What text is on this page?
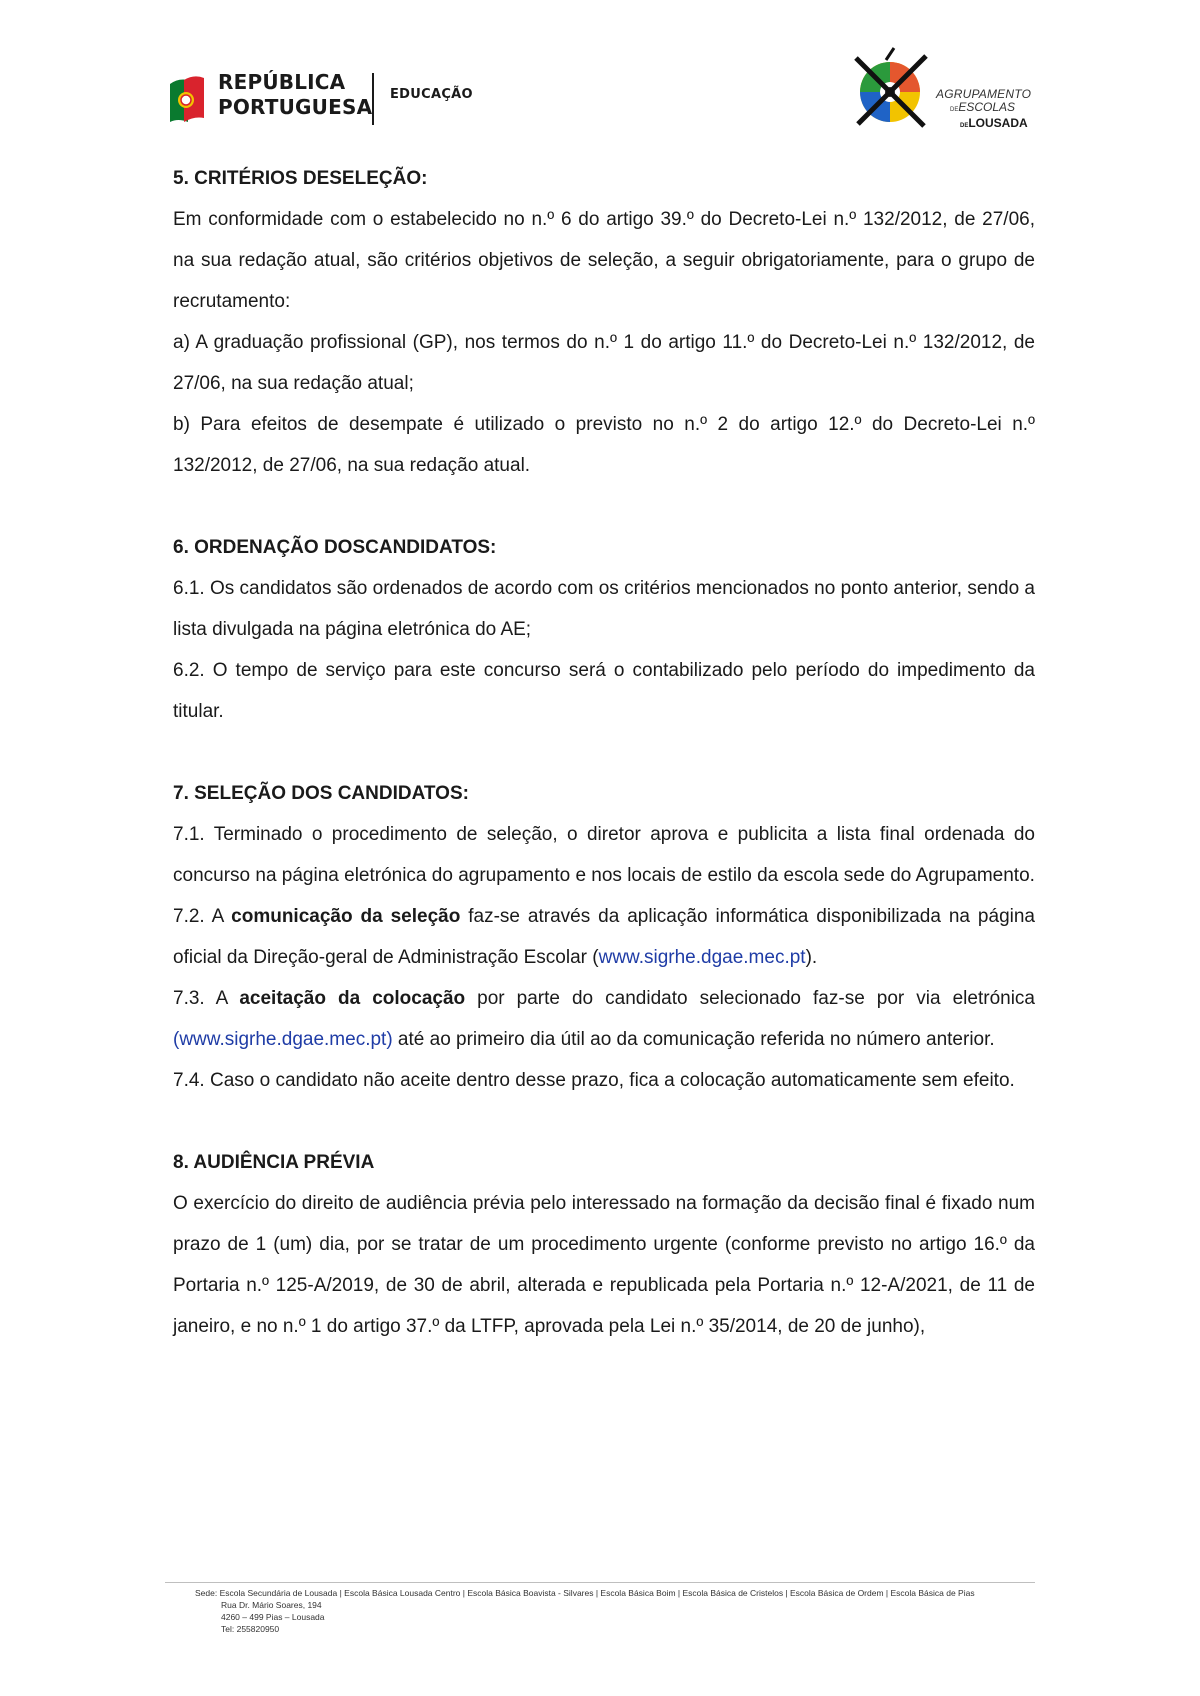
REPÚBLICA
PORTUGUESA
EDUCAÇÃO	AGRUPAMENTO
DEESCOLAS
DELOUSADA

5. CRITÉRIOS DESELEÇÃO:

Em conformidade com o estabelecido no n.º 6 do artigo 39.º do Decreto-Lei n.º 132/2012, de 27/06, na sua redação atual, são critérios objetivos de seleção, a seguir obrigatoriamente, para o grupo de recrutamento:

a) A graduação profissional (GP), nos termos do n.º 1 do artigo 11.º do Decreto-Lei n.º 132/2012, de 27/06, na sua redação atual;

b) Para efeitos de desempate é utilizado o previsto no n.º 2 do artigo 12.º do Decreto-Lei n.º 132/2012, de 27/06, na sua redação atual.

6. ORDENAÇÃO DOSCANDIDATOS:

6.1. Os candidatos são ordenados de acordo com os critérios mencionados no ponto anterior, sendo a lista divulgada na página eletrónica do AE;

6.2. O tempo de serviço para este concurso será o contabilizado pelo período do impedimento da titular.

7. SELEÇÃO DOS CANDIDATOS:

7.1. Terminado o procedimento de seleção, o diretor aprova e publicita a lista final ordenada do concurso na página eletrónica do agrupamento e nos locais de estilo da escola sede do Agrupamento.

7.2. A comunicação da seleção faz-se através da aplicação informática disponibilizada na página oficial da Direção-geral de Administração Escolar (www.sigrhe.dgae.mec.pt).

7.3. A aceitação da colocação por parte do candidato selecionado faz-se por via eletrónica (www.sigrhe.dgae.mec.pt) até ao primeiro dia útil ao da comunicação referida no número anterior.

7.4. Caso o candidato não aceite dentro desse prazo, fica a colocação automaticamente sem efeito.

8. AUDIÊNCIA PRÉVIA

O exercício do direito de audiência prévia pelo interessado na formação da decisão final é fixado num prazo de 1 (um) dia, por se tratar de um procedimento urgente (conforme previsto no artigo 16.º da Portaria n.º 125-A/2019, de 30 de abril, alterada e republicada pela Portaria n.º 12-A/2021, de 11 de janeiro, e no n.º 1 do artigo 37.º da LTFP, aprovada pela Lei n.º 35/2014, de 20 de junho),

Sede: Escola Secundária de Lousada | Escola Básica Lousada Centro | Escola Básica Boavista - Silvares | Escola Básica Boim | Escola Básica de Cristelos | Escola Básica de Ordem | Escola Básica de Pias
Rua Dr. Mário Soares, 194
4260 – 499 Pias – Lousada
Tel: 255820950
